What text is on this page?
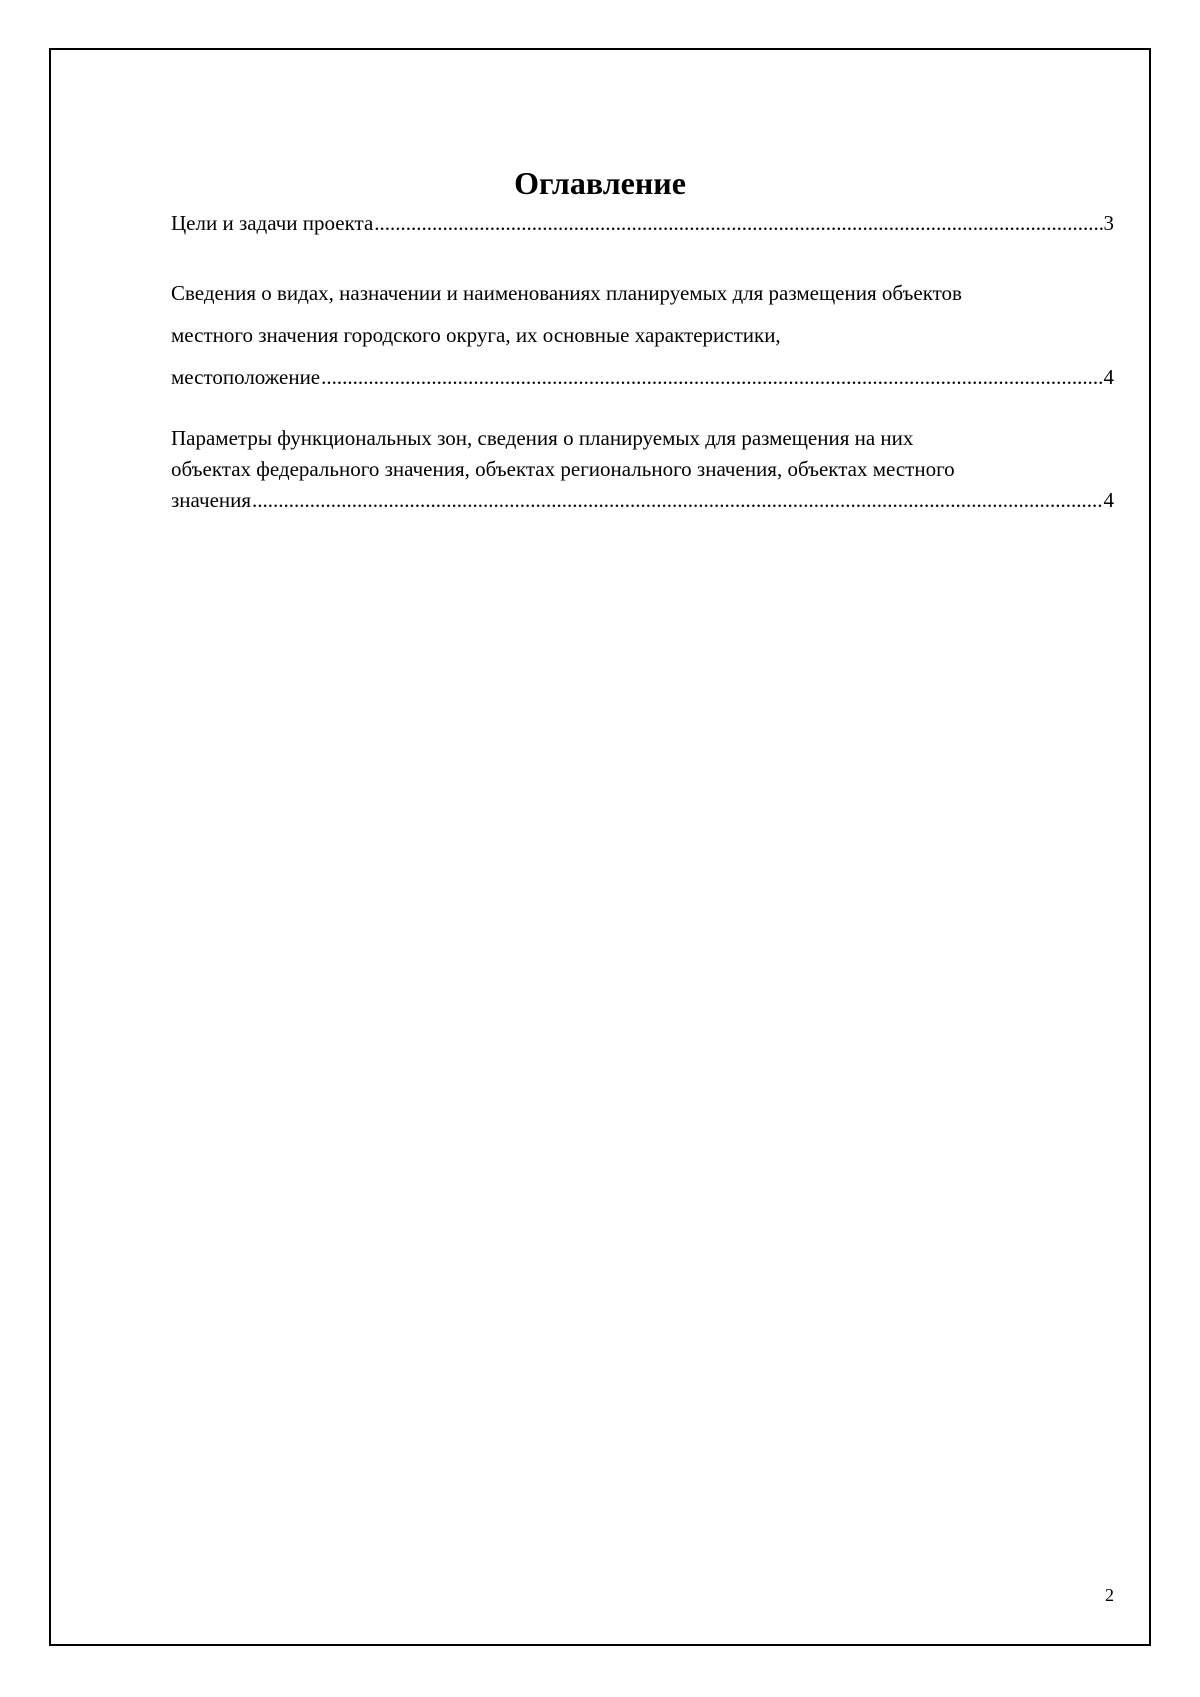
Оглавление
Цели и задачи проекта .....	3
Сведения о видах, назначении и наименованиях планируемых для размещения объектов
местного значения городского округа, их основные характеристики,
местоположение .....	4
Параметры функциональных зон, сведения о планируемых для размещения на них
объектах федерального значения, объектах регионального значения, объектах местного
значения .....	4
2
